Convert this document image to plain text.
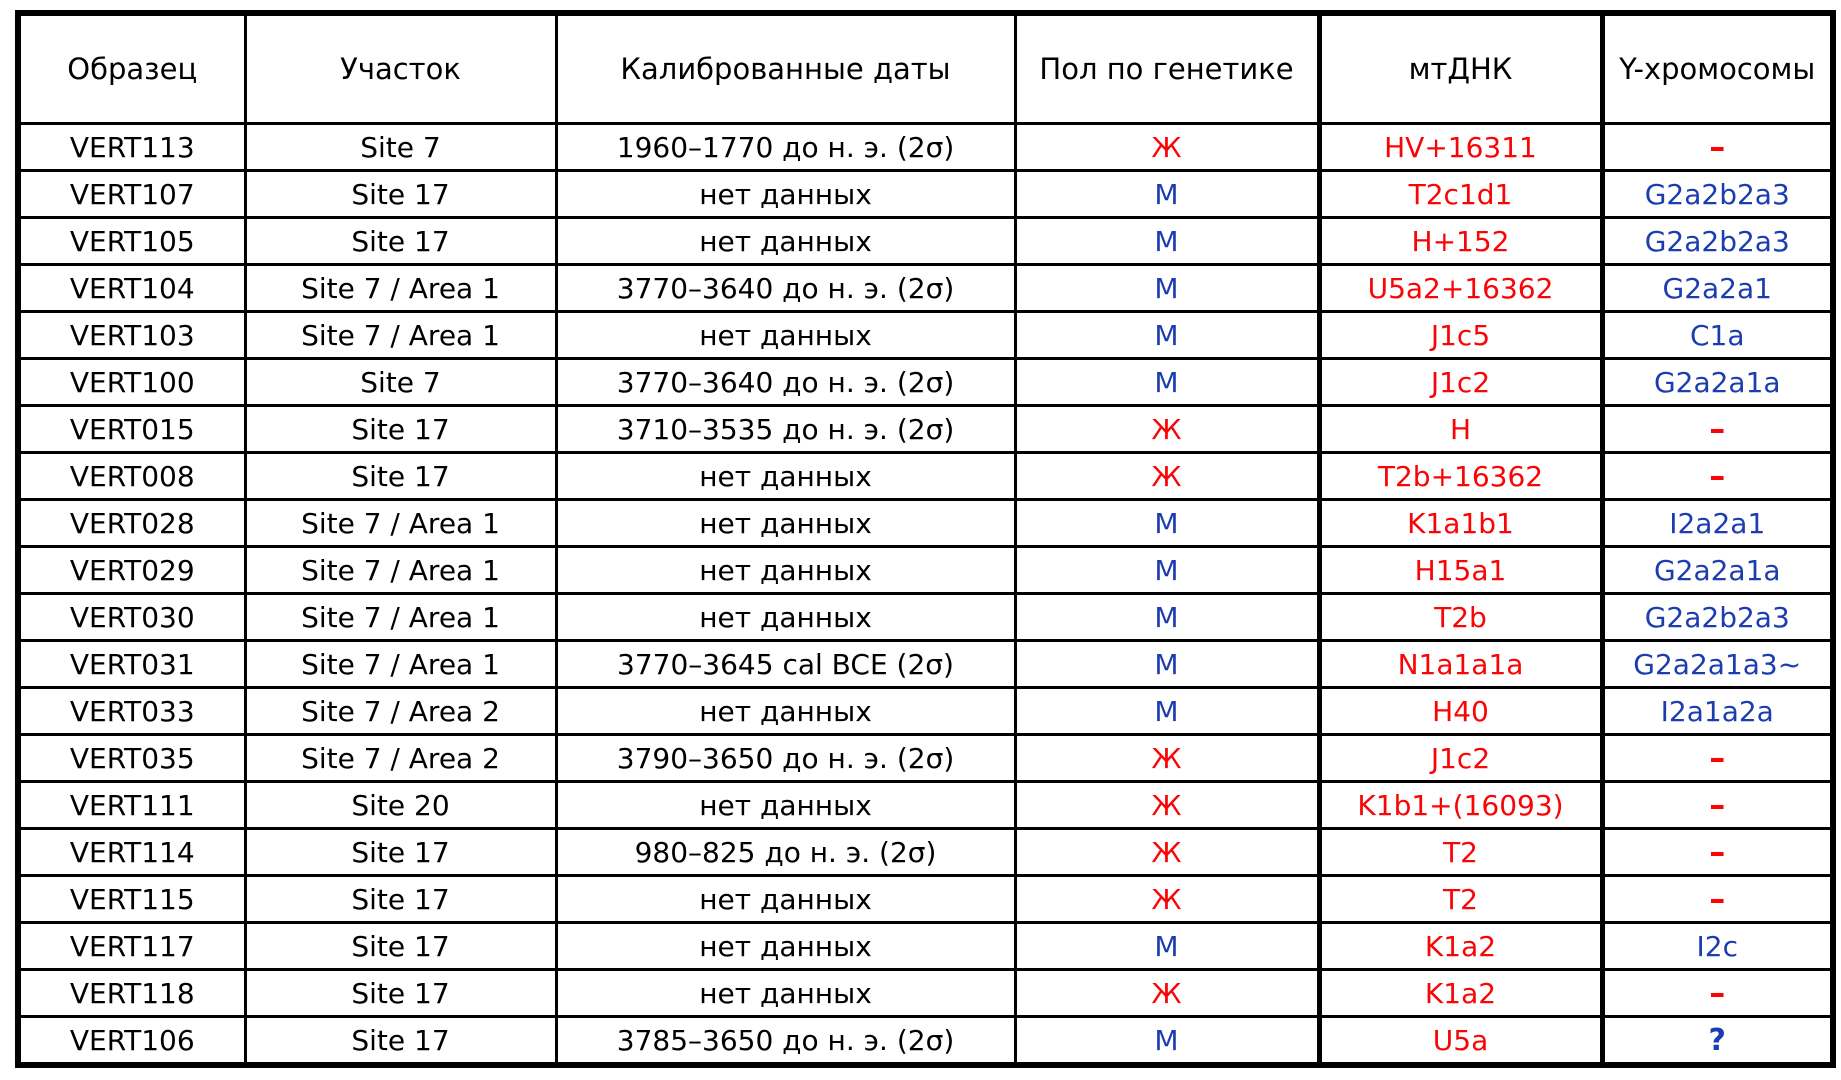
Образец	Участок	Калиброванные даты	Пол по генетике	мтДНК	Y-хромосомы
VERT113	Site 7	1960–1770 до н. э. (2σ)	Ж	HV+16311	–
VERT107	Site 17	нет данных	М	T2c1d1	G2a2b2a3
VERT105	Site 17	нет данных	М	H+152	G2a2b2a3
VERT104	Site 7 / Area 1	3770–3640 до н. э. (2σ)	М	U5a2+16362	G2a2a1
VERT103	Site 7 / Area 1	нет данных	М	J1c5	C1a
VERT100	Site 7	3770–3640 до н. э. (2σ)	М	J1c2	G2a2a1a
VERT015	Site 17	3710–3535 до н. э. (2σ)	Ж	H	–
VERT008	Site 17	нет данных	Ж	T2b+16362	–
VERT028	Site 7 / Area 1	нет данных	М	K1a1b1	I2a2a1
VERT029	Site 7 / Area 1	нет данных	М	H15a1	G2a2a1a
VERT030	Site 7 / Area 1	нет данных	М	T2b	G2a2b2a3
VERT031	Site 7 / Area 1	3770–3645 cal BCE (2σ)	М	N1a1a1a	G2a2a1a3~
VERT033	Site 7 / Area 2	нет данных	М	H40	I2a1a2a
VERT035	Site 7 / Area 2	3790–3650 до н. э. (2σ)	Ж	J1c2	–
VERT111	Site 20	нет данных	Ж	K1b1+(16093)	–
VERT114	Site 17	980–825 до н. э. (2σ)	Ж	T2	–
VERT115	Site 17	нет данных	Ж	T2	–
VERT117	Site 17	нет данных	М	K1a2	I2c
VERT118	Site 17	нет данных	Ж	K1a2	–
VERT106	Site 17	3785–3650 до н. э. (2σ)	М	U5a	?
